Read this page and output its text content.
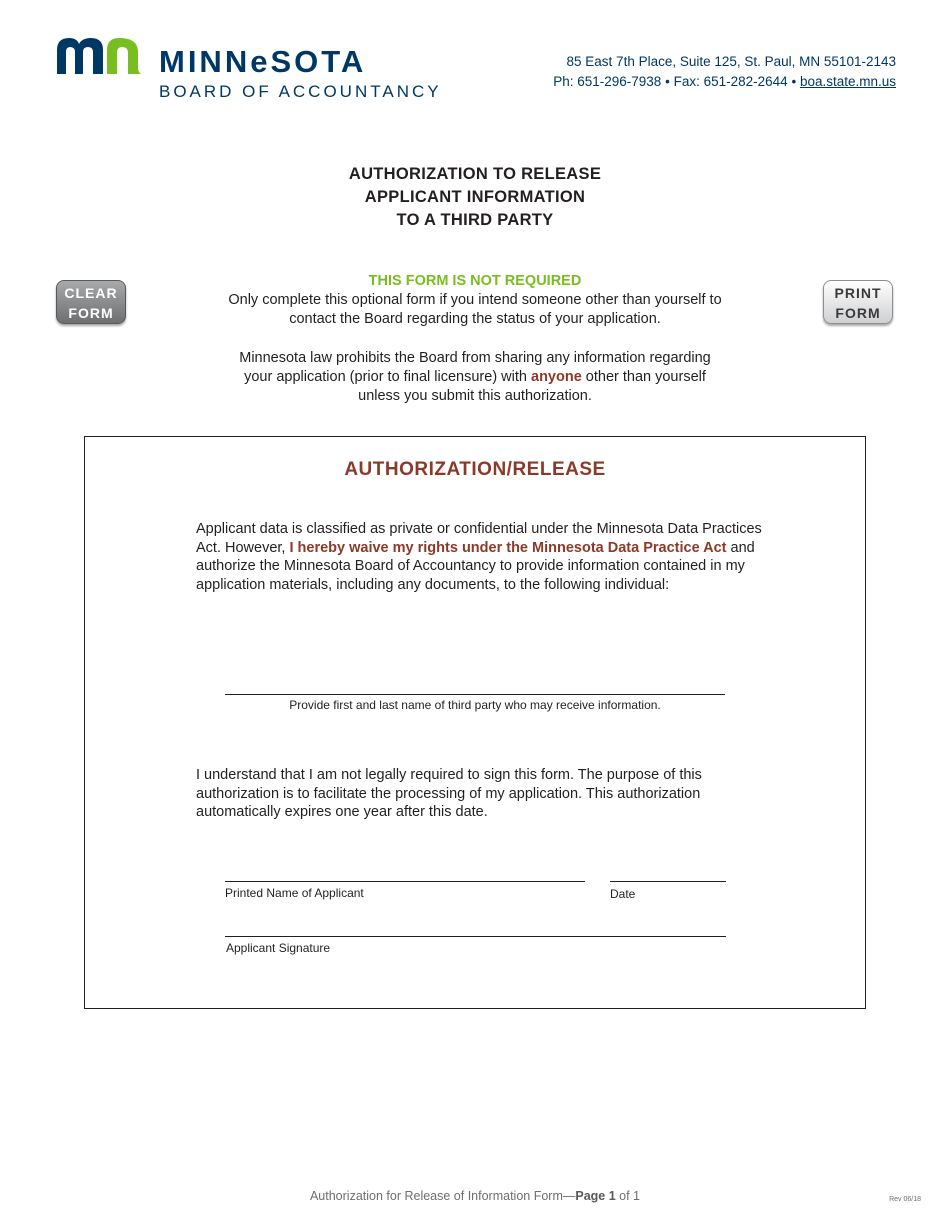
MINNeSOTA
BOARD OF ACCOUNTANCY
85 East 7th Place, Suite 125, St. Paul, MN 55101-2143
Ph: 651-296-7938 • Fax: 651-282-2644 • boa.state.mn.us
AUTHORIZATION TO RELEASE
APPLICANT INFORMATION
TO A THIRD PARTY
CLEAR
FORM
PRINT
FORM

THIS FORM IS NOT REQUIRED

Only complete this optional form if you intend someone other than yourself to

contact the Board regarding the status of your application.

Minnesota law prohibits the Board from sharing any information regarding

your application (prior to final licensure) with anyone other than yourself

unless you submit this authorization.

AUTHORIZATION/RELEASE
Applicant data is classified as private or confidential under the Minnesota Data Practices
Act. However, I hereby waive my rights under the Minnesota Data Practice Act and
authorize the Minnesota Board of Accountancy to provide information contained in my
application materials, including any documents, to the following individual:
Provide first and last name of third party who may receive information.
I understand that I am not legally required to sign this form. The purpose of this
authorization is to facilitate the processing of my application. This authorization
automatically expires one year after this date.
Printed Name of Applicant	Date
Applicant Signature
Authorization for Release of Information Form—Page 1 of 1	Rev 06/18
